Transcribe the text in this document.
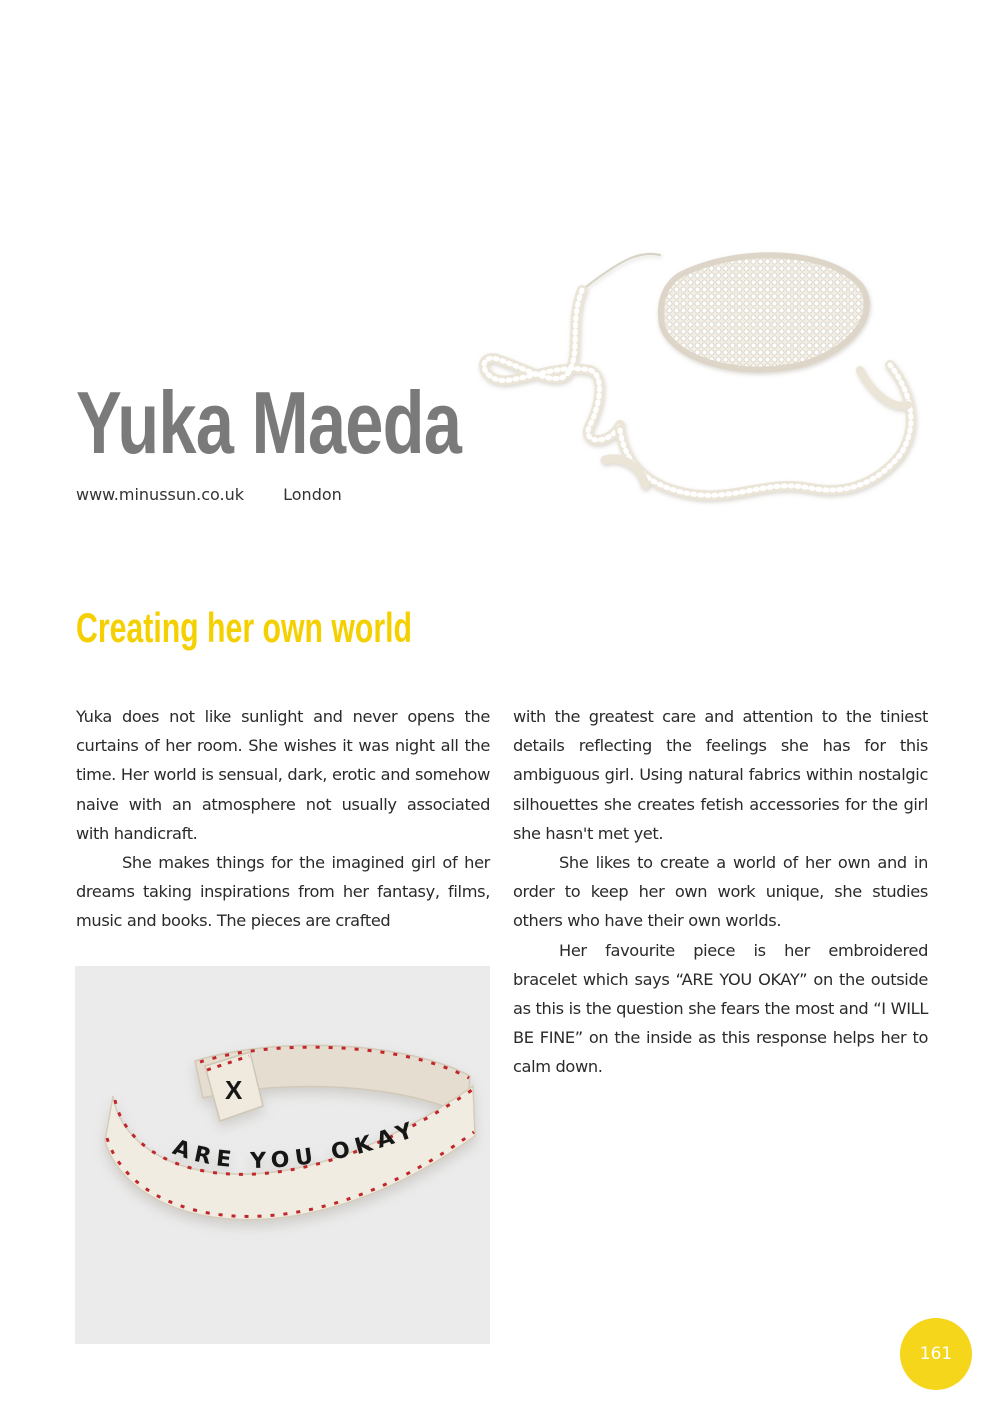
Yuka Maeda
www.minussun.co.uk London
Creating her own world

Yuka does not like sunlight and never opens the curtains of her room. She wishes it was night all the time. Her world is sensual, dark, erotic and somehow naive with an atmosphere not usually associated with handicraft.

She makes things for the imagined girl of her dreams taking inspirations from her fantasy, films, music and books. The pieces are crafted

with the greatest care and attention to the tiniest details reflecting the feelings she has for this ambiguous girl. Using natural fabrics within nostalgic silhouettes she creates fetish accessories for the girl she hasn't met yet.

She likes to create a world of her own and in order to keep her own work unique, she studies others who have their own worlds.

Her favourite piece is her embroidered bracelet which says “ARE YOU OKAY” on the outside as this is the question she fears the most and “I WILL BE FINE” on the inside as this response helps her to calm down.

X
ARE YOU OKAY
161
